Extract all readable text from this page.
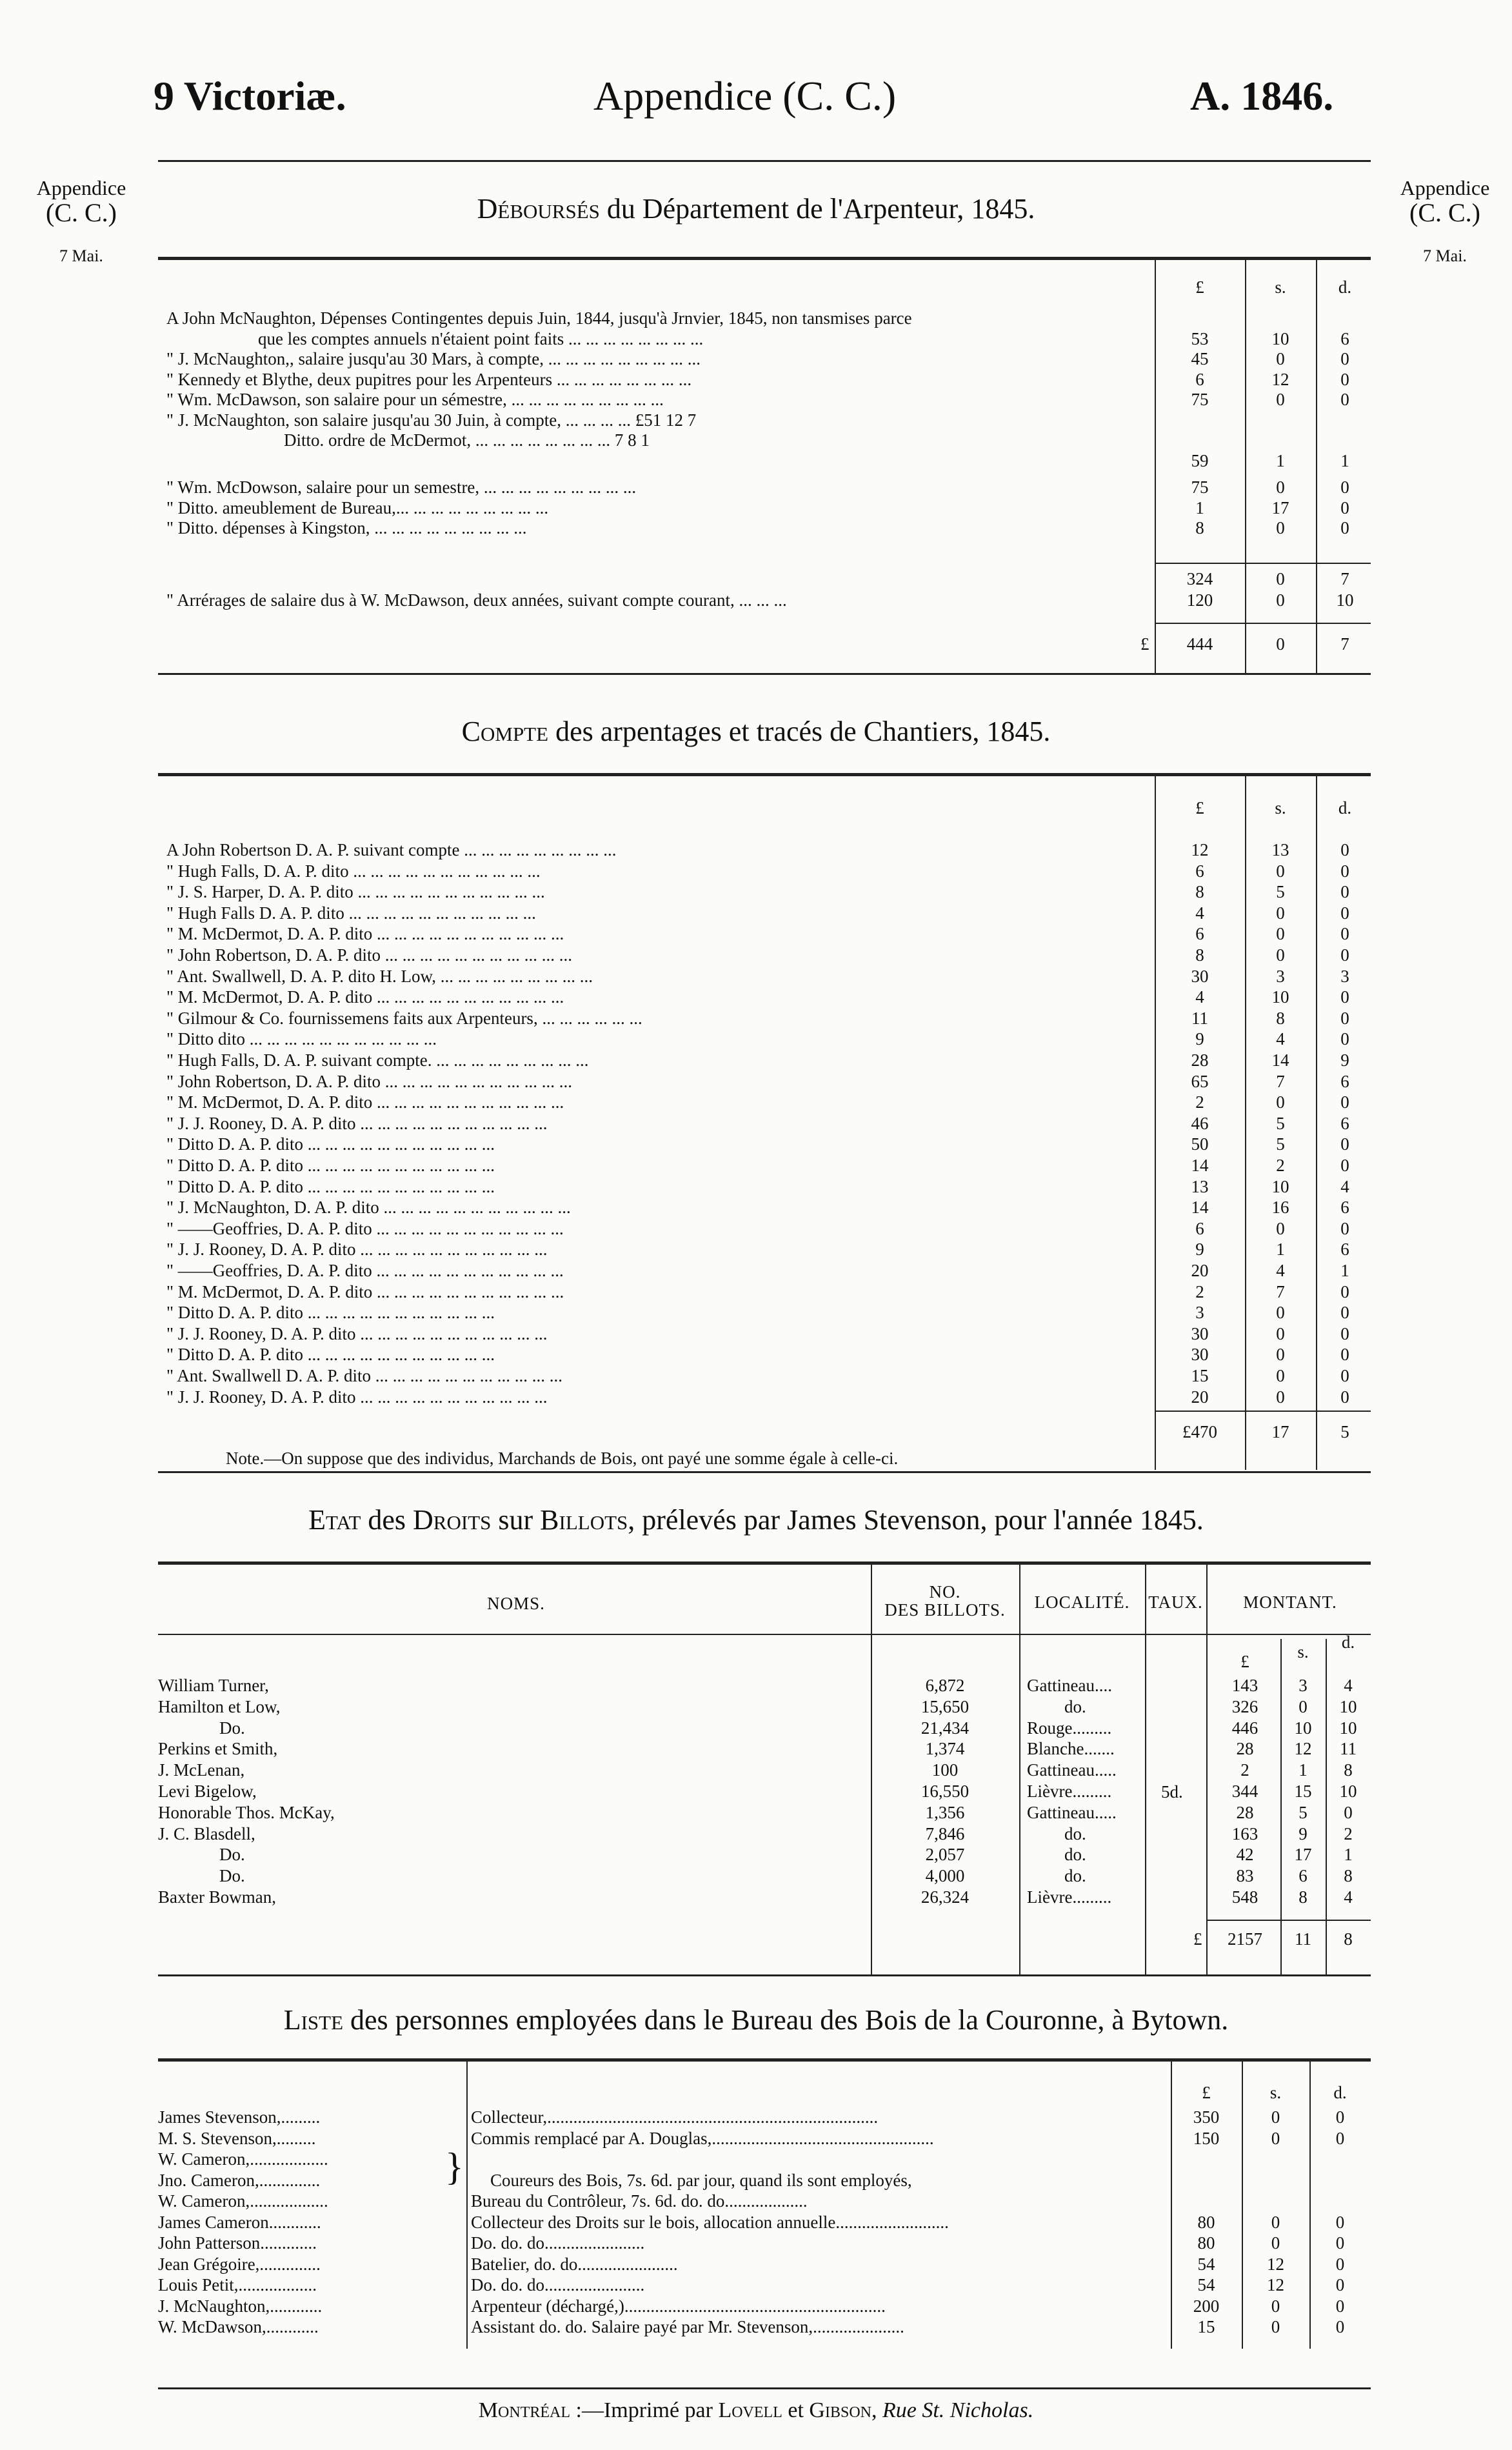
9 Victoriæ.	Appendice (C. C.)	A. 1846.
Appendice
(C. C.)
7 Mai.
Appendice
(C. C.)
7 Mai.
Déboursés du Département de l'Arpenteur, 1845.
£	s.	d.
A John McNaughton, Dépenses Contingentes depuis Juin, 1844, jusqu'à Jrnvier, 1845, non tansmises parce
que les comptes annuels n'étaient point faits ... ... ... ... ... ... ... ...	53	10	6
" J. McNaughton,, salaire jusqu'au 30 Mars, à compte, ... ... ... ... ... ... ... ... ...	45	0	0
" Kennedy et Blythe, deux pupitres pour les Arpenteurs ... ... ... ... ... ... ... ...	6	12	0
" Wm. McDawson, son salaire pour un sémestre, ... ... ... ... ... ... ... ... ...	75	0	0
" J. McNaughton, son salaire jusqu'au 30 Juin, à compte, ... ... ... ... £51 12 7
Ditto. ordre de McDermot, ... ... ... ... ... ... ... ... 7 8 1
59	1	1
" Wm. McDowson, salaire pour un semestre, ... ... ... ... ... ... ... ... ...	75	0	0
" Ditto. ameublement de Bureau,... ... ... ... ... ... ... ... ...	1	17	0
" Ditto. dépenses à Kingston, ... ... ... ... ... ... ... ... ...	8	0	0
324	0	7
" Arrérages de salaire dus à W. McDawson, deux années, suivant compte courant, ... ... ...	120	0	10
£	444	0	7
Compte des arpentages et tracés de Chantiers, 1845.
£	s.	d.
A John Robertson D. A. P. suivant compte ... ... ... ... ... ... ... ... ...	12	13	0
" Hugh Falls, D. A. P. dito ... ... ... ... ... ... ... ... ... ... ...	6	0	0
" J. S. Harper, D. A. P. dito ... ... ... ... ... ... ... ... ... ... ...	8	5	0
" Hugh Falls D. A. P. dito ... ... ... ... ... ... ... ... ... ... ...	4	0	0
" M. McDermot, D. A. P. dito ... ... ... ... ... ... ... ... ... ... ...	6	0	0
" John Robertson, D. A. P. dito ... ... ... ... ... ... ... ... ... ... ...	8	0	0
" Ant. Swallwell, D. A. P. dito H. Low, ... ... ... ... ... ... ... ... ...	30	3	3
" M. McDermot, D. A. P. dito ... ... ... ... ... ... ... ... ... ... ...	4	10	0
" Gilmour & Co. fournissemens faits aux Arpenteurs, ... ... ... ... ... ...	11	8	0
" Ditto dito ... ... ... ... ... ... ... ... ... ... ...	9	4	0
" Hugh Falls, D. A. P. suivant compte. ... ... ... ... ... ... ... ... ...	28	14	9
" John Robertson, D. A. P. dito ... ... ... ... ... ... ... ... ... ... ...	65	7	6
" M. McDermot, D. A. P. dito ... ... ... ... ... ... ... ... ... ... ...	2	0	0
" J. J. Rooney, D. A. P. dito ... ... ... ... ... ... ... ... ... ... ...	46	5	6
" Ditto D. A. P. dito ... ... ... ... ... ... ... ... ... ... ...	50	5	0
" Ditto D. A. P. dito ... ... ... ... ... ... ... ... ... ... ...	14	2	0
" Ditto D. A. P. dito ... ... ... ... ... ... ... ... ... ... ...	13	10	4
" J. McNaughton, D. A. P. dito ... ... ... ... ... ... ... ... ... ... ...	14	16	6
" ——Geoffries, D. A. P. dito ... ... ... ... ... ... ... ... ... ... ...	6	0	0
" J. J. Rooney, D. A. P. dito ... ... ... ... ... ... ... ... ... ... ...	9	1	6
" ——Geoffries, D. A. P. dito ... ... ... ... ... ... ... ... ... ... ...	20	4	1
" M. McDermot, D. A. P. dito ... ... ... ... ... ... ... ... ... ... ...	2	7	0
" Ditto D. A. P. dito ... ... ... ... ... ... ... ... ... ... ...	3	0	0
" J. J. Rooney, D. A. P. dito ... ... ... ... ... ... ... ... ... ... ...	30	0	0
" Ditto D. A. P. dito ... ... ... ... ... ... ... ... ... ... ...	30	0	0
" Ant. Swallwell D. A. P. dito ... ... ... ... ... ... ... ... ... ... ...	15	0	0
" J. J. Rooney, D. A. P. dito ... ... ... ... ... ... ... ... ... ... ...	20	0	0
£470	17	5
Note.—On suppose que des individus, Marchands de Bois, ont payé une somme égale à celle-ci.
Etat des Droits sur Billots, prélevés par James Stevenson, pour l'année 1845.
NOMS.
NO.
DES BILLOTS.	LOCALITÉ.	TAUX.	MONTANT.
£	s.	d.
5d.
William Turner,	6,872	Gattineau....	143	3	4
Hamilton et Low,	15,650	do.	326	0	10
Do.	21,434	Rouge.........	446	10	10
Perkins et Smith,	1,374	Blanche.......	28	12	11
J. McLenan,	100	Gattineau.....	2	1	8
Levi Bigelow,	16,550	Lièvre.........	344	15	10
Honorable Thos. McKay,	1,356	Gattineau.....	28	5	0
J. C. Blasdell,	7,846	do.	163	9	2
Do.	2,057	do.	42	17	1
Do.	4,000	do.	83	6	8
Baxter Bowman,	26,324	Lièvre.........	548	8	4
£	2157	11	8
Liste des personnes employées dans le Bureau des Bois de la Couronne, à Bytown.
£	s.	d.
}
James Stevenson,.........	Collecteur,............................................................................	350	0	0
M. S. Stevenson,.........	Commis remplacé par A. Douglas,...................................................	150	0	0
W. Cameron,..................
Jno. Cameron,..............	Coureurs des Bois, 7s. 6d. par jour, quand ils sont employés,
W. Cameron,..................	Bureau du Contrôleur, 7s. 6d. do. do...................
James Cameron............	Collecteur des Droits sur le bois, allocation annuelle..........................	80	0	0
John Patterson.............	Do. do. do.......................	80	0	0
Jean Grégoire,..............	Batelier, do. do.......................	54	12	0
Louis Petit,..................	Do. do. do.......................	54	12	0
J. McNaughton,............	Arpenteur (déchargé,)............................................................	200	0	0
W. McDawson,............	Assistant do. do. Salaire payé par Mr. Stevenson,.....................	15	0	0
Montréal :—Imprimé par Lovell et Gibson, Rue St. Nicholas.
